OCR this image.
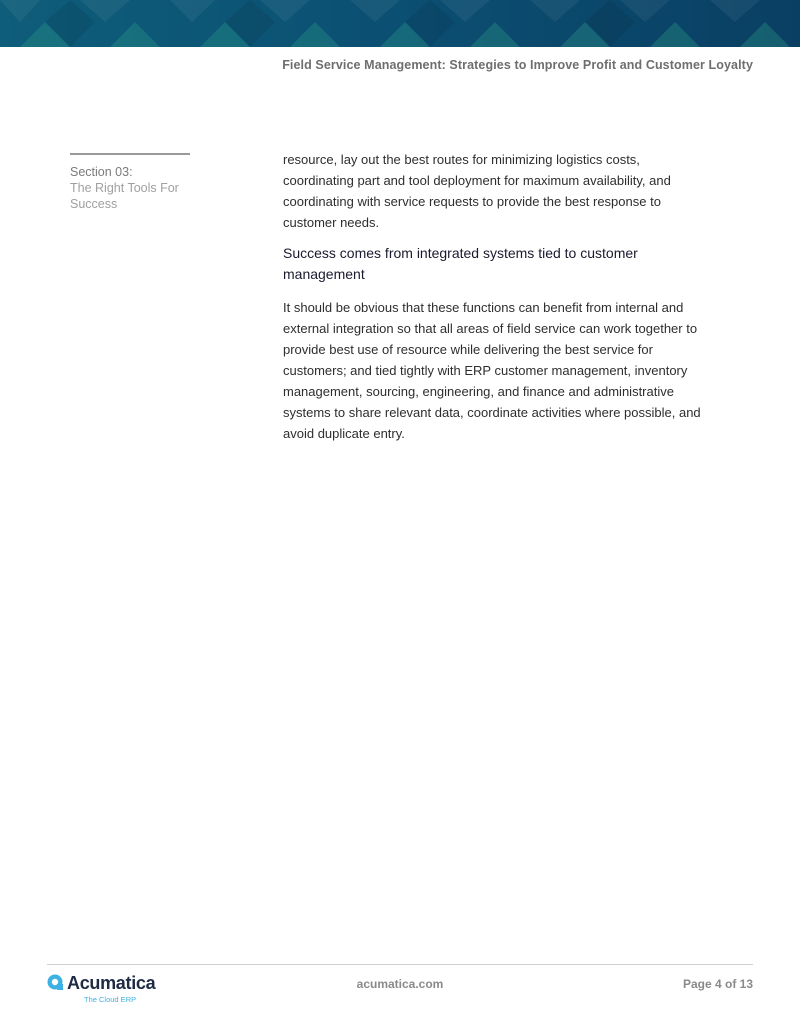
Field Service Management: Strategies to Improve Profit and Customer Loyalty
Section 03:
The Right Tools For
Success

resource, lay out the best routes for minimizing logistics costs, coordinating part and tool deployment for maximum availability, and coordinating with service requests to provide the best response to customer needs.

Success comes from integrated systems tied to customer management

It should be obvious that these functions can benefit from internal and external integration so that all areas of field service can work together to provide best use of resource while delivering the best service for customers; and tied tightly with ERP customer management, inventory management, sourcing, engineering, and finance and administrative systems to share relevant data, coordinate activities where possible, and avoid duplicate entry.

Acumatica
The Cloud ERP
acumatica.com	Page 4 of 13
